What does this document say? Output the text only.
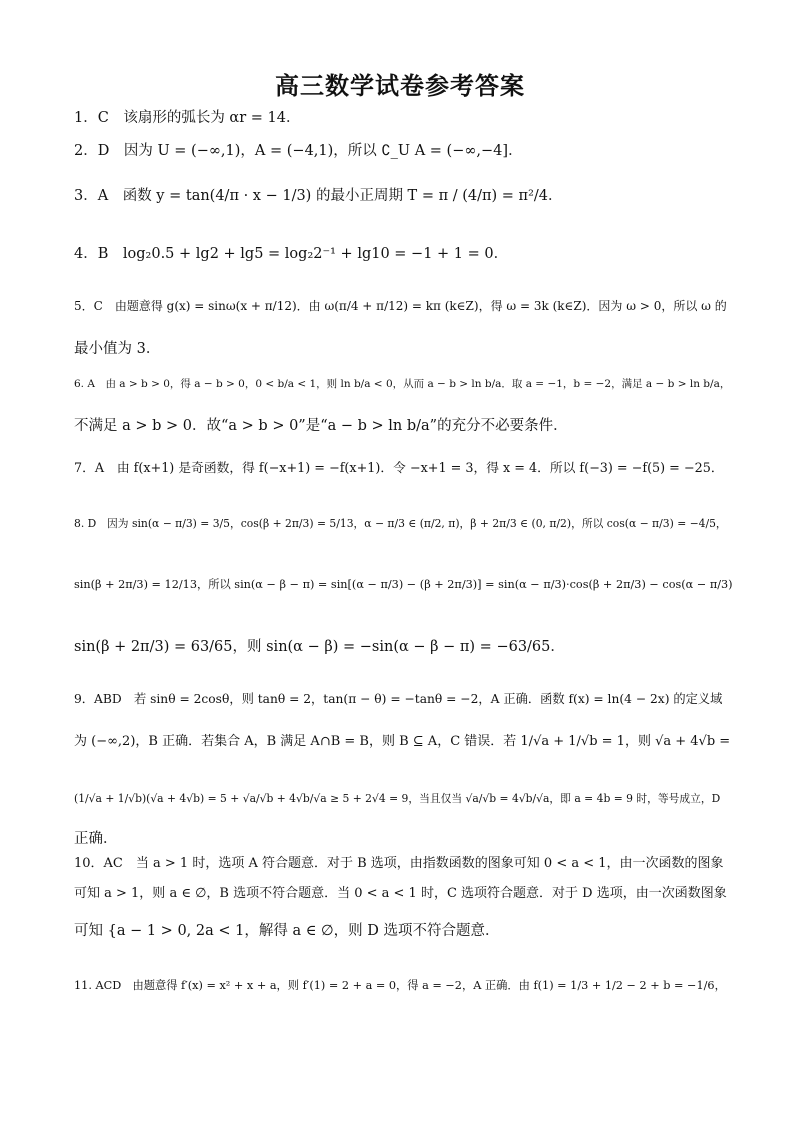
高三数学试卷参考答案
1．C　该扇形的弧长为 αr = 14．
2．D　因为 U = (−∞,1)，A = (−4,1)，所以 ∁_U A = (−∞,−4]．
3．A　函数 y = tan(4/π · x − 1/3) 的最小正周期 T = π / (4/π) = π²/4．
4．B　log₂0.5 + lg2 + lg5 = log₂2⁻¹ + lg10 = −1 + 1 = 0．
5．C　由题意得 g(x) = sinω(x + π/12)．由 ω(π/4 + π/12) = kπ (k∈Z)，得 ω = 3k (k∈Z)．因为 ω > 0，所以 ω 的
最小值为 3．
6. A　由 a > b > 0，得 a − b > 0，0 < b/a < 1，则 ln b/a < 0，从而 a − b > ln b/a．取 a = −1，b = −2，满足 a − b > ln b/a，
不满足 a > b > 0．故“a > b > 0”是“a − b > ln b/a”的充分不必要条件．
7．A　由 f(x+1) 是奇函数，得 f(−x+1) = −f(x+1)．令 −x+1 = 3，得 x = 4．所以 f(−3) = −f(5) = −25．
8. D　因为 sin(α − π/3) = 3/5，cos(β + 2π/3) = 5/13，α − π/3 ∈ (π/2, π)，β + 2π/3 ∈ (0, π/2)，所以 cos(α − π/3) = −4/5，
sin(β + 2π/3) = 12/13，所以 sin(α − β − π) = sin[(α − π/3) − (β + 2π/3)] = sin(α − π/3)·cos(β + 2π/3) − cos(α − π/3)
sin(β + 2π/3) = 63/65，则 sin(α − β) = −sin(α − β − π) = −63/65．
9．ABD　若 sinθ = 2cosθ，则 tanθ = 2，tan(π − θ) = −tanθ = −2，A 正确．函数 f(x) = ln(4 − 2x) 的定义域
为 (−∞,2)，B 正确．若集合 A，B 满足 A∩B = B，则 B ⊆ A，C 错误．若 1/√a + 1/√b = 1，则 √a + 4√b =
(1/√a + 1/√b)(√a + 4√b) = 5 + √a/√b + 4√b/√a ≥ 5 + 2√4 = 9，当且仅当 √a/√b = 4√b/√a，即 a = 4b = 9 时，等号成立，D
正确．
10．AC　当 a > 1 时，选项 A 符合题意．对于 B 选项，由指数函数的图象可知 0 < a < 1，由一次函数的图象
可知 a > 1，则 a ∈ ∅，B 选项不符合题意．当 0 < a < 1 时，C 选项符合题意．对于 D 选项，由一次函数图象
可知 {a − 1 > 0, 2a < 1，解得 a ∈ ∅，则 D 选项不符合题意．
11. ACD　由题意得 f′(x) = x² + x + a，则 f′(1) = 2 + a = 0，得 a = −2，A 正确．由 f(1) = 1/3 + 1/2 − 2 + b = −1/6，
